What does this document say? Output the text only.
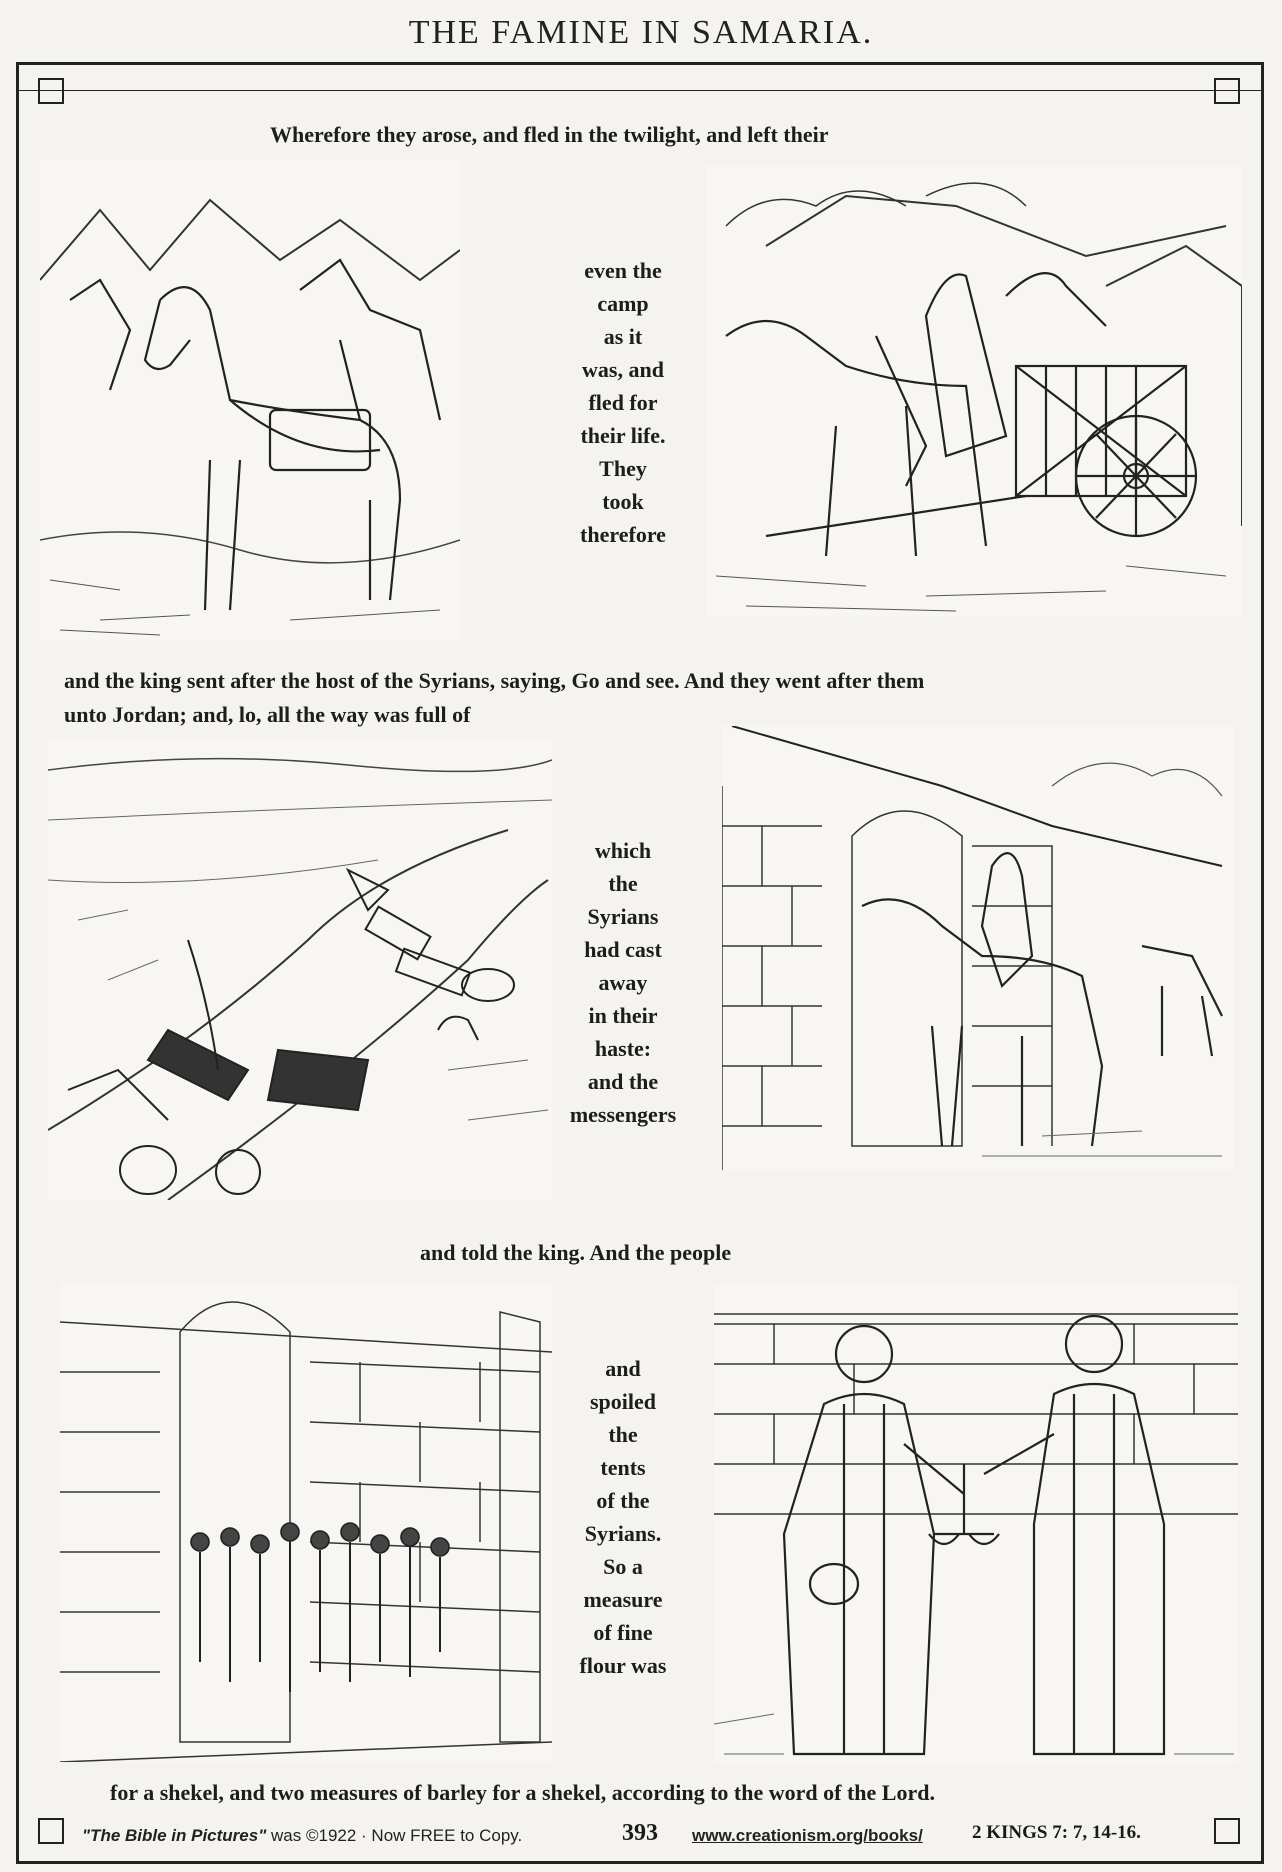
THE FAMINE IN SAMARIA.
Wherefore they arose, and fled in the twilight, and left their
even the
camp
as it
was, and
fled for
their life.
They
took
therefore
and the king sent after the host of the Syrians, saying, Go and see. And they went after them
unto Jordan; and, lo, all the way was full of
which
the
Syrians
had cast
away
in their
haste:
and the
messengers
and told the king. And the people
and
spoiled
the
tents
of the
Syrians.
So a
measure
of fine
flour was
for a shekel, and two measures of barley for a shekel, according to the word of the Lord.
"The Bible in Pictures" was ©1922 · Now FREE to Copy.	393 www.creationism.org/books/	2 KINGS 7: 7, 14-16.
